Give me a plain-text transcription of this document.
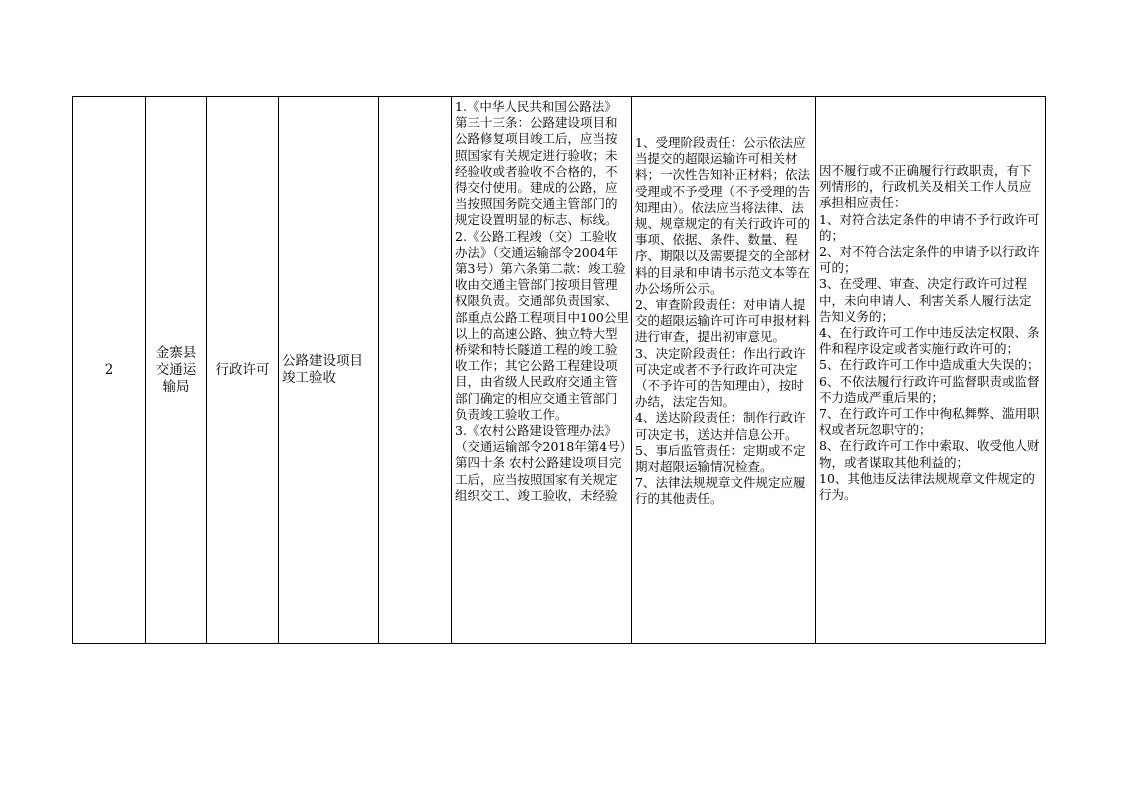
2
金寨县交通运输局
行政许可
公路建设项目竣工验收

1.《中华人民共和国公路法》第三十三条：公路建设项目和公路修复项目竣工后，应当按照国家有关规定进行验收；未经验收或者验收不合格的，不得交付使用。建成的公路，应当按照国务院交通主管部门的规定设置明显的标志、标线。

2.《公路工程竣（交）工验收办法》（交通运输部令2004年第3号）第六条第二款：竣工验收由交通主管部门按项目管理权限负责。交通部负责国家、部重点公路工程项目中100公里以上的高速公路、独立特大型桥梁和特长隧道工程的竣工验收工作；其它公路工程建设项目，由省级人民政府交通主管部门确定的相应交通主管部门负责竣工验收工作。

3.《农村公路建设管理办法》（交通运输部令2018年第4号）第四十条 农村公路建设项目完工后，应当按照国家有关规定组织交工、竣工验收，未经验

1、受理阶段责任：公示依法应当提交的超限运输许可相关材料；一次性告知补正材料；依法受理或不予受理（不予受理的告知理由）。依法应当将法律、法规、规章规定的有关行政许可的事项、依据、条件、数量、程序、期限以及需要提交的全部材料的目录和申请书示范文本等在办公场所公示。

2、审查阶段责任：对申请人提交的超限运输许可许可申报材料进行审查，提出初审意见。

3、决定阶段责任：作出行政许可决定或者不予行政许可决定（不予许可的告知理由），按时办结，法定告知。

4、送达阶段责任：制作行政许可决定书，送达并信息公开。

5、事后监管责任：定期或不定期对超限运输情况检查。

7、法律法规规章文件规定应履行的其他责任。

因不履行或不正确履行行政职责，有下列情形的，行政机关及相关工作人员应承担相应责任：

1、对符合法定条件的申请不予行政许可的；

2、对不符合法定条件的申请予以行政许可的；

3、在受理、审查、决定行政许可过程中，未向申请人、利害关系人履行法定告知义务的；

4、在行政许可工作中违反法定权限、条件和程序设定或者实施行政许可的；

5、在行政许可工作中造成重大失误的；

6、不依法履行行政许可监督职责或监督不力造成严重后果的；

7、在行政许可工作中徇私舞弊、滥用职权或者玩忽职守的；

8、在行政许可工作中索取、收受他人财物，或者谋取其他利益的；

10、其他违反法律法规规章文件规定的行为。
